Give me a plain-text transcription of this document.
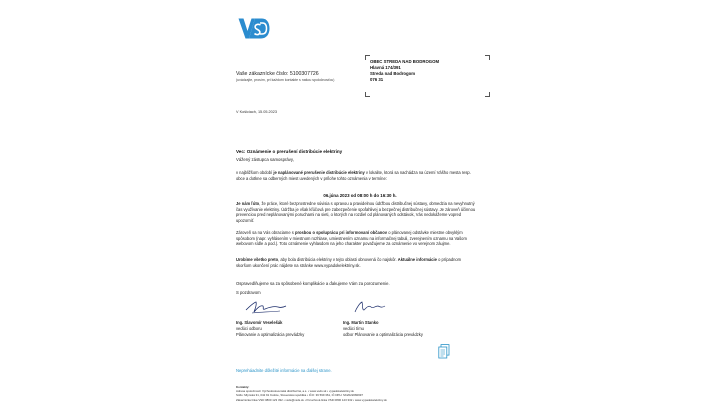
Vaše zákaznícke číslo: 5100307726
(uvádzajte, prosím, pri každom kontakte s našou spoločnosťou)
OBEC STREDA NAD BODROGOM
Hlavná 174/391
Streda nad Bodrogom
076 31
V Košiciach, 15.05.2023
Vec: Oznámenie o prerušení distribúcie elektriny
Vážený zástupca samosprávy,
v najbližšom období je naplánované prerušenie distribúcie elektriny v lokalite, ktorá sa nachádza na území Vášho mesta resp. obce a dotkne sa odberných miest uvedených v prílohe tohto oznámenia v termíne:
06.júna 2023 od 08:00 h do 16:30 h.
Je nám ľúto, že práce, ktoré bezprostredne súvisia s opravou a pravidelnou údržbou distribučnej sústavy, obmedzia na nevyhnutný čas využívanie elektriny. Údržba je však kľúčová pre zabezpečenie spoľahlivej a bezpečnej distribučnej sústavy. Je zároveň účinnou prevenciou pred neplánovanými poruchami na sieti, o ktorých na rozdiel od plánovaných odstávok, Vás nedokážeme vopred upozorniť.
Zároveň sa na Vás obraciame s prosbou o spoluprácu pri informovaní občanov o plánovanej odstávke miestne obvyklým spôsobom (napr. vyhlásením v miestnom rozhlase, umiestnením oznamu na informačnej tabuli, zverejnením oznamu na Vašom webovom sídle a pod.). Toto oznámenie vyhlasdom na jeho charakter považujeme za oznámenie vo verejnom záujme.
Urobíme všetko preto, aby bola distribúcia elektriny v tejto oblasti obnovená čo najskôr. Aktuálne informácie o prípadnom skoršom ukončení prác nájdete na stránke www.vypadokelektriny.sk.
Ospravedlňujeme sa za spôsobené komplikácie a ďakujeme Vám za porozumenie.
S pozdravom
Ing. Slavomír Veselešák
vedúci odboru
Plánovanie a optimalizácia prevádzky
Ing. Martin Stanko
vedúci tímu
odbor Plánovanie a optimalizácia prevádzky
Nepreháadnite dôležité informácie na ďalšej strane.
Kontakty:
Adresa spoločnosti: Východoslovenská distribučná, a.s. • www.vsds.sk • vypadokelektriny.sk
Sídlo: Mlynská 31, 042 91 Košice, Slovenská republika • IČO: 36 599 361, IČ DPH: SK2022082997
Zákaznícka linka VSD 0800 123 332 • vsds@vsds.sk • Poruchová linka VSD 0800 123 332 • www.vypadokelektriny.sk
